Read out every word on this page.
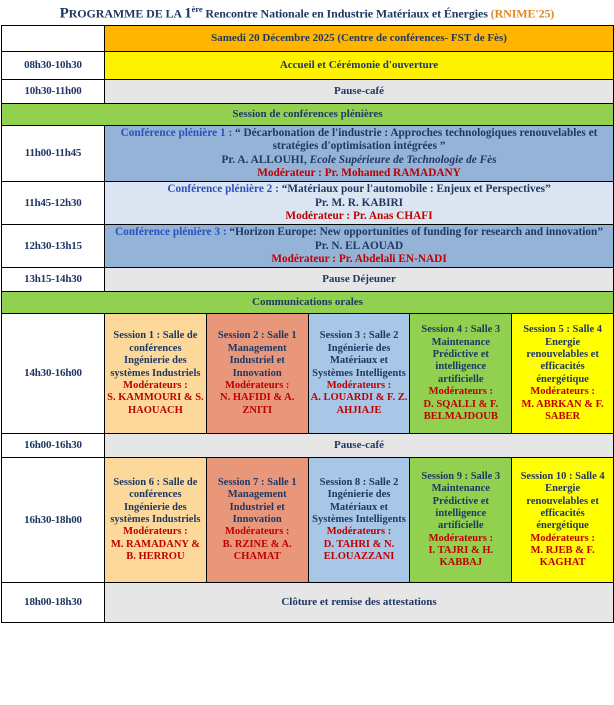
PROGRAMME DE LA 1ère Rencontre Nationale en Industrie Matériaux et Énergies (RNIME'25)
	Samedi 20 Décembre 2025 (Centre de conférences- FST de Fès)				
08h30-10h30	Accueil et Cérémonie d'ouverture				
10h30-11h00	Pause-café				
Session de conférences plénières					
11h00-11h45	Conférence plénière 1 : “ Décarbonation de l'industrie : Approches technologiques renouvelables et stratégies d'optimisation intégrées ”
Pr. A. ALLOUHI, Ecole Supérieure de Technologie de Fès
Modérateur : Pr. Mohamed RAMADANY				

11h45-12h30	Conférence plénière 2 : “Matériaux pour l'automobile : Enjeux et Perspectives”
Pr. M. R. KABIRI
Modérateur : Pr. Anas CHAFI				

12h30-13h15	Conférence plénière 3 : “Horizon Europe: New opportunities of funding for research and innovation”
Pr. N. EL AOUAD
Modérateur : Pr. Abdelali EN-NADI				

13h15-14h30	Pause Déjeuner				
Communications orales					
14h30-16h00	Session 1 : Salle de conférences
Ingénierie des systèmes Industriels
Modérateurs :
S. KAMMOURI & S. HAOUACH	Session 2 : Salle 1
Management Industriel et Innovation
Modérateurs :
N. HAFIDI & A. ZNITI	Session 3 : Salle 2
Ingénierie des Matériaux et Systèmes Intelligents
Modérateurs :
A. LOUARDI & F. Z. AHJIAJE	Session 4 : Salle 3
Maintenance Prédictive et intelligence artificielle
Modérateurs :
D. SQALLI & F. BELMAJDOUB	Session 5 : Salle 4
Energie renouvelables et efficacités énergétique
Modérateurs :
M. ABRKAN & F. SABER

16h00-16h30	Pause-café				
16h30-18h00	Session 6 : Salle de conférences
Ingénierie des systèmes Industriels
Modérateurs :
M. RAMADANY & B. HERROU	Session 7 : Salle 1
Management Industriel et Innovation
Modérateurs :
B. RZINE & A. CHAMAT	Session 8 : Salle 2
Ingénierie des Matériaux et Systèmes Intelligents
Modérateurs :
D. TAHRI & N. ELOUAZZANI	Session 9 : Salle 3
Maintenance Prédictive et intelligence artificielle
Modérateurs :
I. TAJRI & H. KABBAJ	Session 10 : Salle 4
Energie renouvelables et efficacités énergétique
Modérateurs :
M. RJEB & F. KAGHAT

18h00-18h30	Clôture et remise des attestations				
